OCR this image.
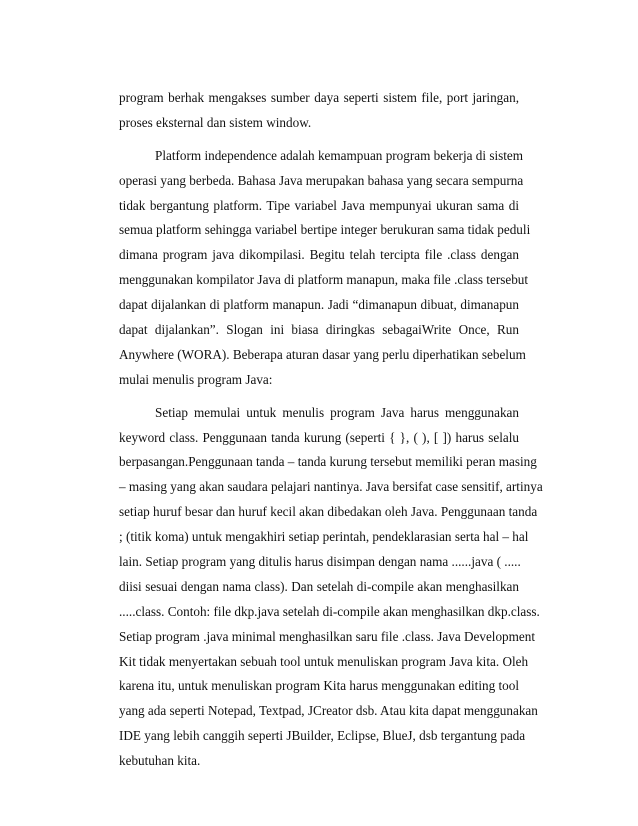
program berhak mengakses sumber daya seperti sistem file, port jaringan,
proses eksternal dan sistem window.
Platform independence adalah kemampuan program bekerja di sistem
operasi yang berbeda. Bahasa Java merupakan bahasa yang secara sempurna
tidak bergantung platform. Tipe variabel Java mempunyai ukuran sama di
semua platform sehingga variabel bertipe integer berukuran sama tidak peduli
dimana program java dikompilasi. Begitu telah tercipta file .class dengan
menggunakan kompilator Java di platform manapun, maka file .class tersebut
dapat dijalankan di platform manapun. Jadi “dimanapun dibuat, dimanapun
dapat dijalankan”. Slogan ini biasa diringkas sebagaiWrite Once, Run
Anywhere (WORA). Beberapa aturan dasar yang perlu diperhatikan sebelum
mulai menulis program Java:
Setiap memulai untuk menulis program Java harus menggunakan
keyword class. Penggunaan tanda kurung (seperti { }, ( ), [ ]) harus selalu
berpasangan.Penggunaan tanda – tanda kurung tersebut memiliki peran masing
– masing yang akan saudara pelajari nantinya. Java bersifat case sensitif, artinya
setiap huruf besar dan huruf kecil akan dibedakan oleh Java. Penggunaan tanda
; (titik koma) untuk mengakhiri setiap perintah, pendeklarasian serta hal – hal
lain. Setiap program yang ditulis harus disimpan dengan nama ......java ( .....
diisi sesuai dengan nama class). Dan setelah di-compile akan menghasilkan
.....class. Contoh: file dkp.java setelah di-compile akan menghasilkan dkp.class.
Setiap program .java minimal menghasilkan saru file .class. Java Development
Kit tidak menyertakan sebuah tool untuk menuliskan program Java kita. Oleh
karena itu, untuk menuliskan program Kita harus menggunakan editing tool
yang ada seperti Notepad, Textpad, JCreator dsb. Atau kita dapat menggunakan
IDE yang lebih canggih seperti JBuilder, Eclipse, BlueJ, dsb tergantung pada
kebutuhan kita.
